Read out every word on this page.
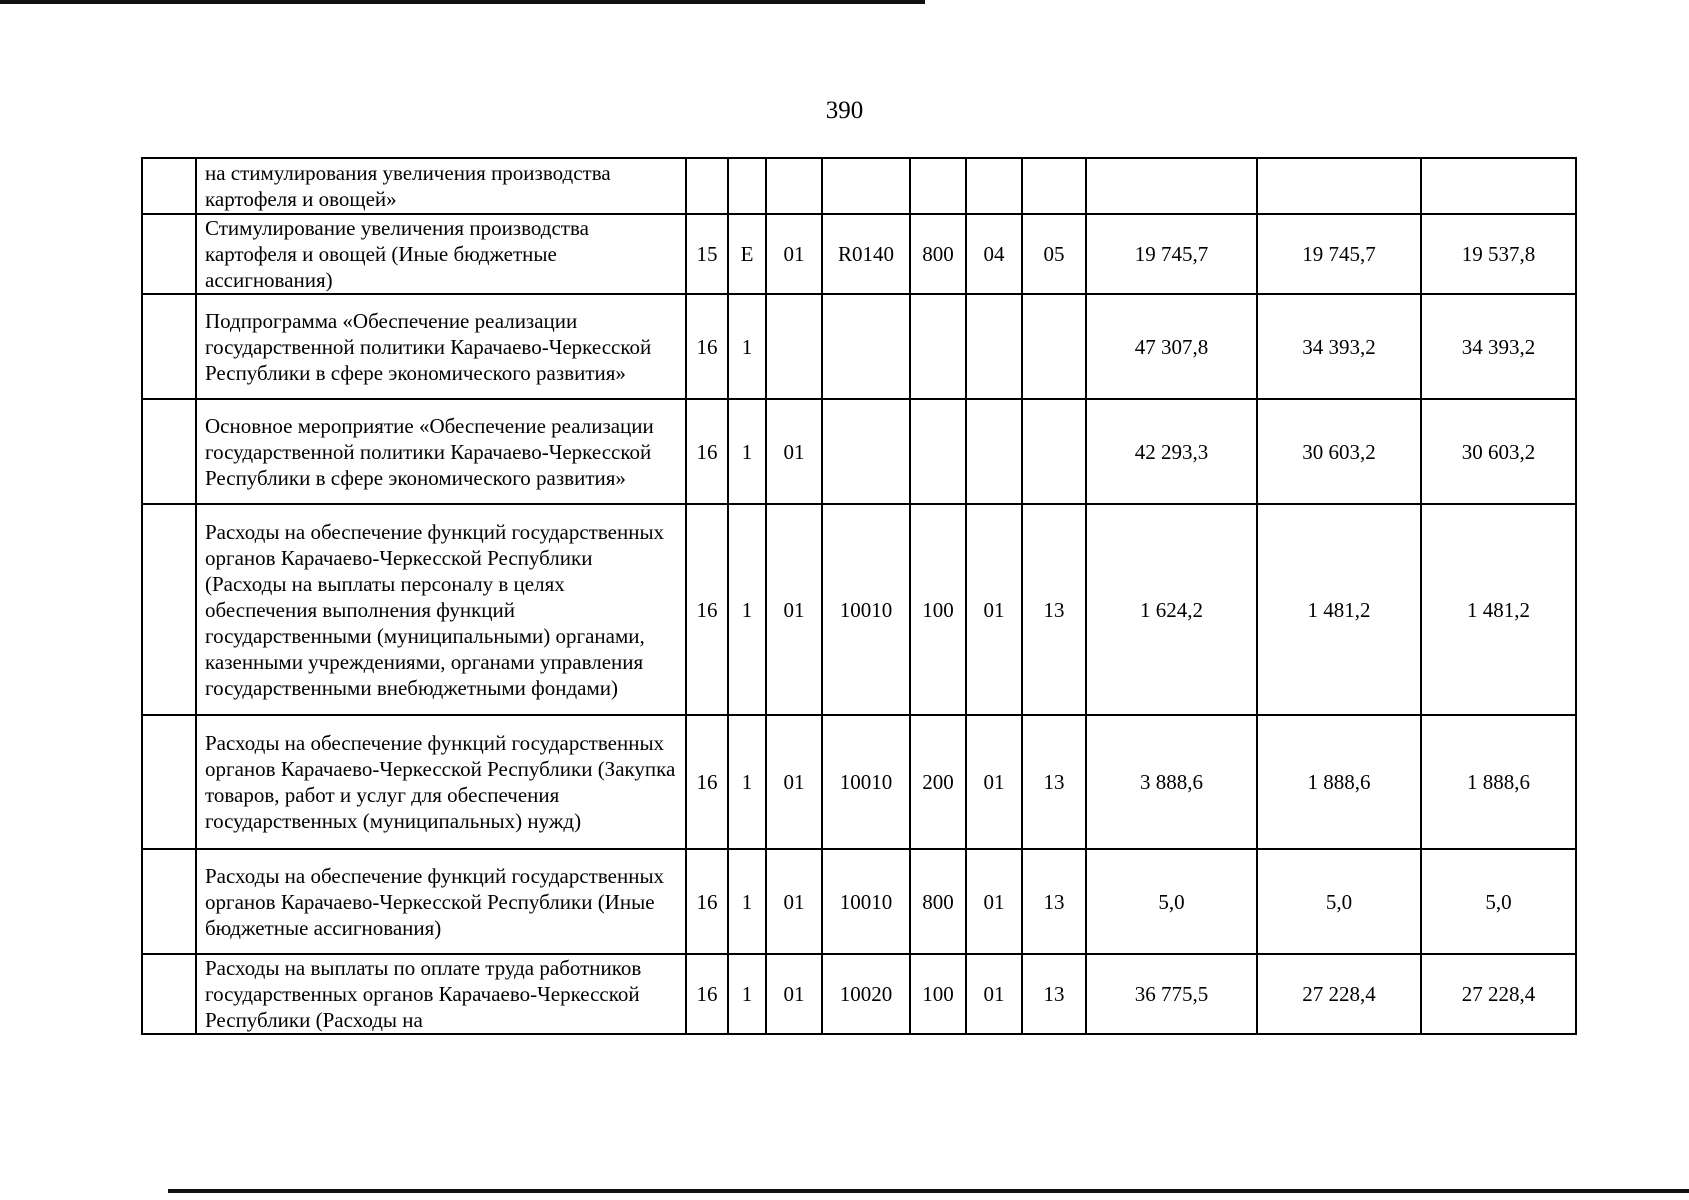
390
	на стимулирования увеличения производства картофеля и овощей»										
	Стимулирование увеличения производства картофеля и овощей (Иные бюджетные ассигнования)	15	Е	01	R0140	800	04	05	19 745,7	19 745,7	19 537,8
	Подпрограмма «Обеспечение реализации государственной политики Карачаево-Черкесской Республики в сфере экономического развития»	16	1						47 307,8	34 393,2	34 393,2
	Основное мероприятие «Обеспечение реализации государственной политики Карачаево-Черкесской Республики в сфере экономического развития»	16	1	01					42 293,3	30 603,2	30 603,2
	Расходы на обеспечение функций государственных органов Карачаево-Черкесской Республики (Расходы на выплаты персоналу в целях обеспечения выполнения функций государственными (муниципальными) органами, казенными учреждениями, органами управления государственными внебюджетными фондами)	16	1	01	10010	100	01	13	1 624,2	1 481,2	1 481,2
	Расходы на обеспечение функций государственных органов Карачаево-Черкесской Республики (Закупка товаров, работ и услуг для обеспечения государственных (муниципальных) нужд)	16	1	01	10010	200	01	13	3 888,6	1 888,6	1 888,6
	Расходы на обеспечение функций государственных органов Карачаево-Черкесской Республики (Иные бюджетные ассигнования)	16	1	01	10010	800	01	13	5,0	5,0	5,0
	Расходы на выплаты по оплате труда работников государственных органов Карачаево-Черкесской Республики (Расходы на	16	1	01	10020	100	01	13	36 775,5	27 228,4	27 228,4
